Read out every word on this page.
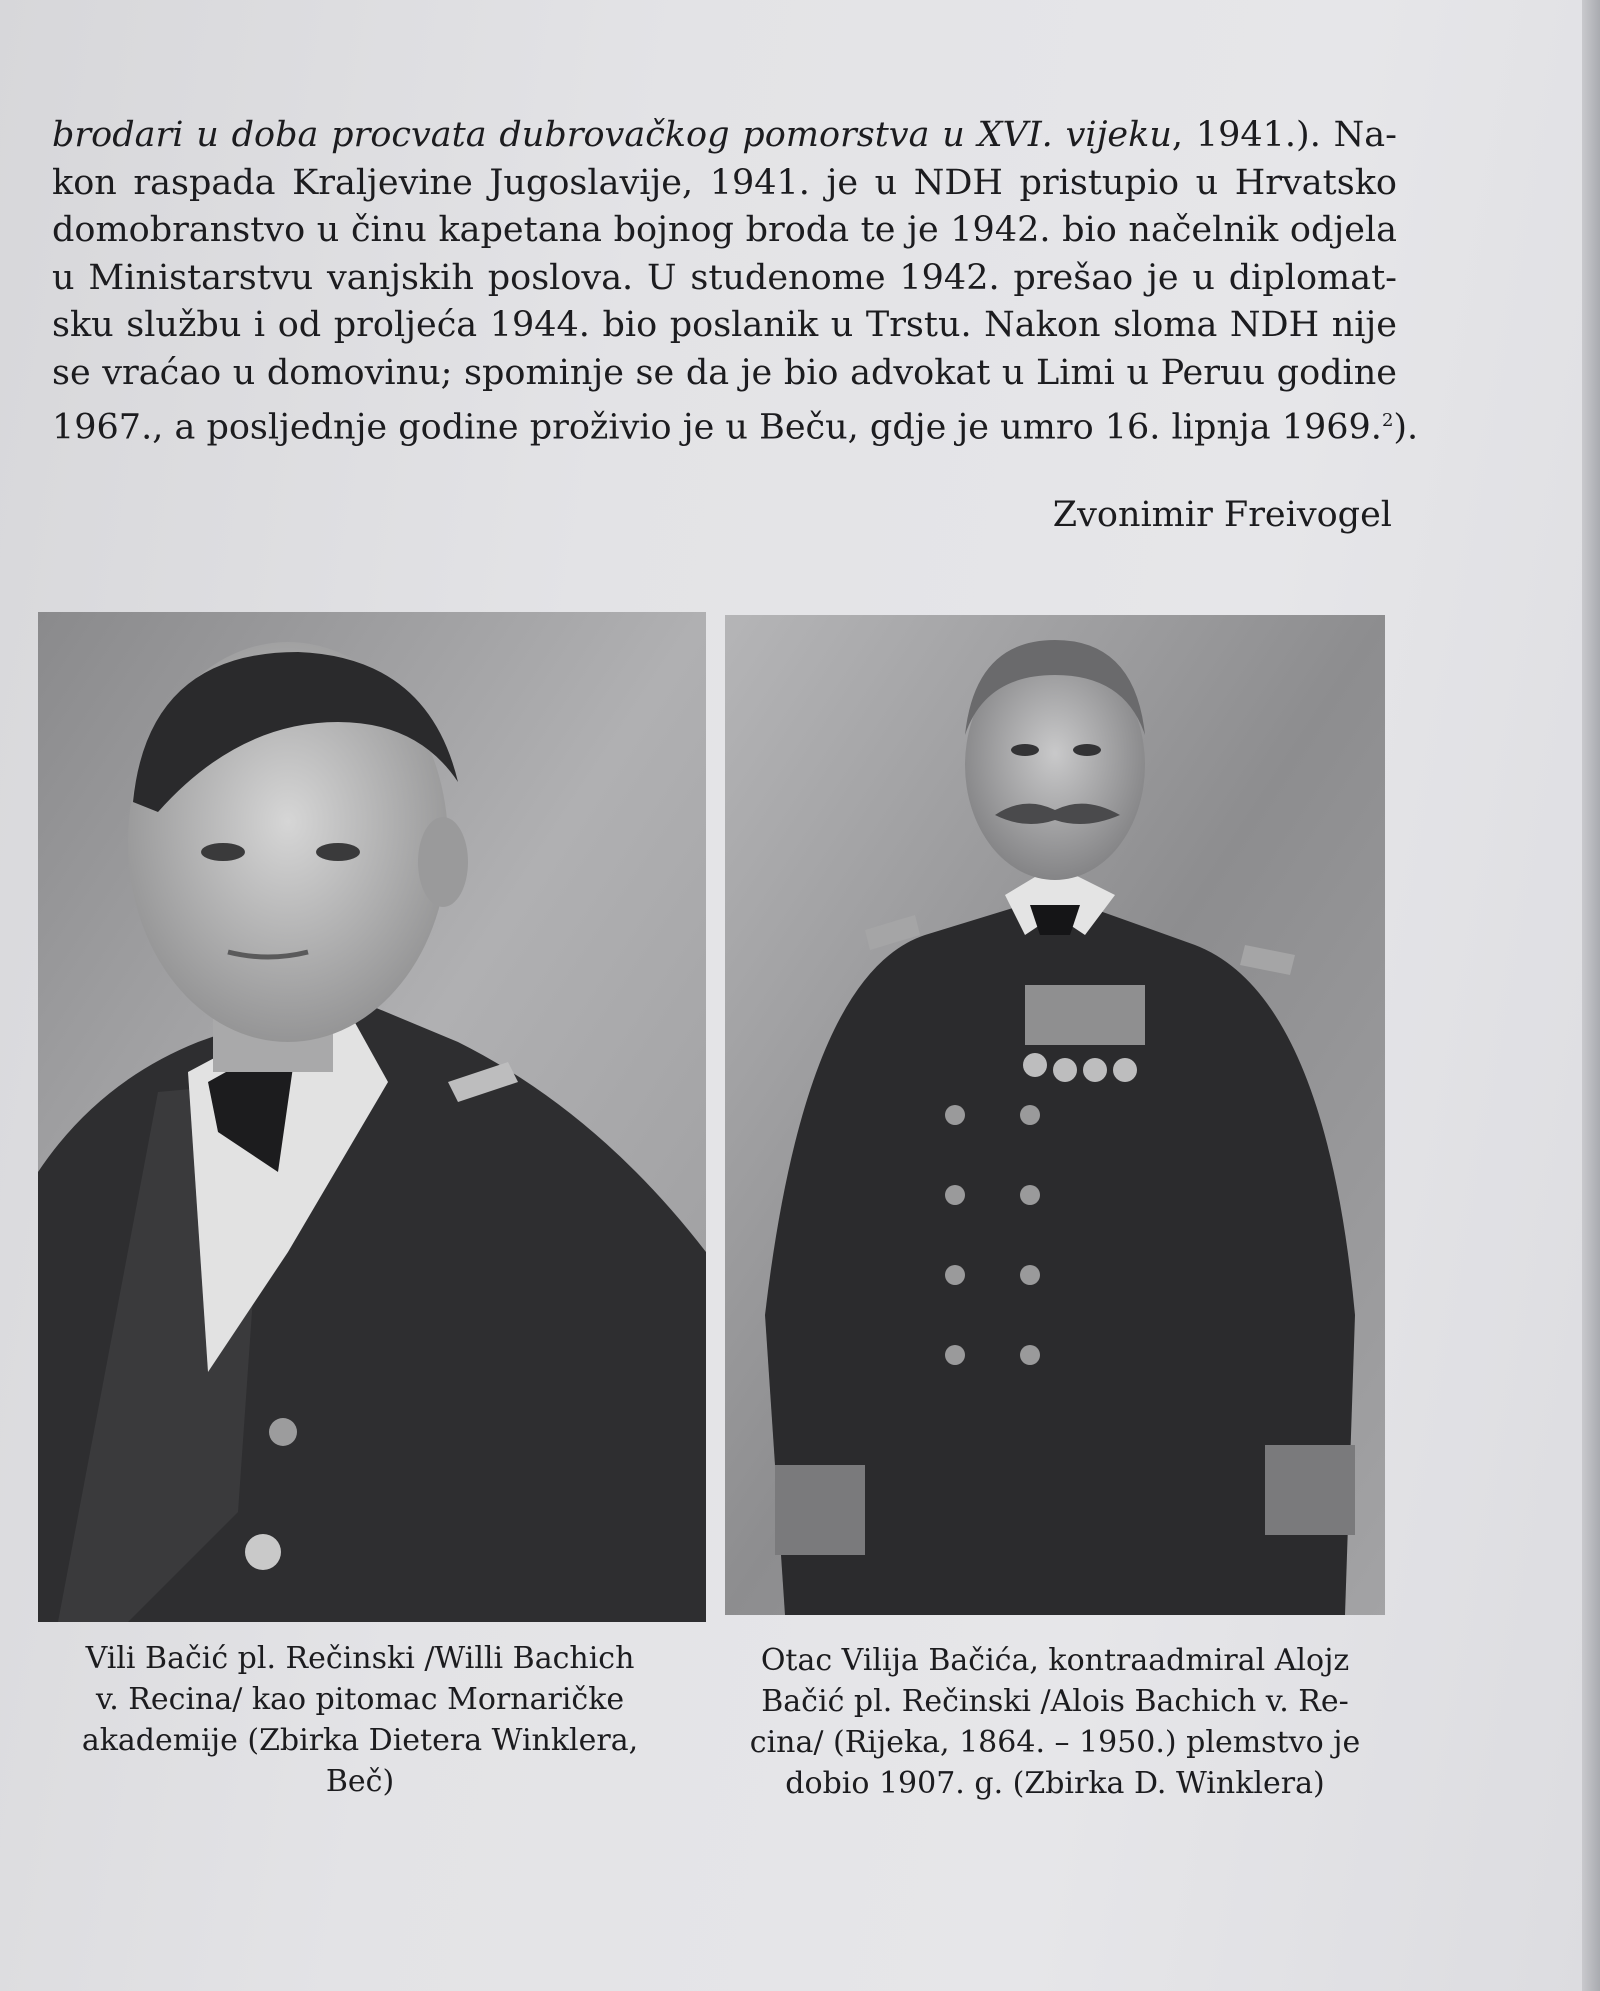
brodari u doba procvata dubrovačkog pomorstva u XVI. vijeku, 1941.). Na-
kon raspada Kraljevine Jugoslavije, 1941. je u NDH pristupio u Hrvatsko
domobranstvo u činu kapetana bojnog broda te je 1942. bio načelnik odjela
u Ministarstvu vanjskih poslova. U studenome 1942. prešao je u diplomat-
sku službu i od proljeća 1944. bio poslanik u Trstu. Nakon sloma NDH nije
se vraćao u domovinu; spominje se da je bio advokat u Limi u Peruu godine
1967., a posljednje godine proživio je u Beču, gdje je umro 16. lipnja 1969.$^2$).

Zvonimir Freivogel

Vili Bačić pl. Rečinski /Willi Bachich
v. Recina/ kao pitomac Mornaričke
akademije (Zbirka Dietera Winklera,
Beč)

Otac Vilija Bačića, kontraadmiral Alojz
Bačić pl. Rečinski /Alois Bachich v. Re-
cina/ (Rijeka, 1864. – 1950.) plemstvo je
dobio 1907. g. (Zbirka D. Winklera)
